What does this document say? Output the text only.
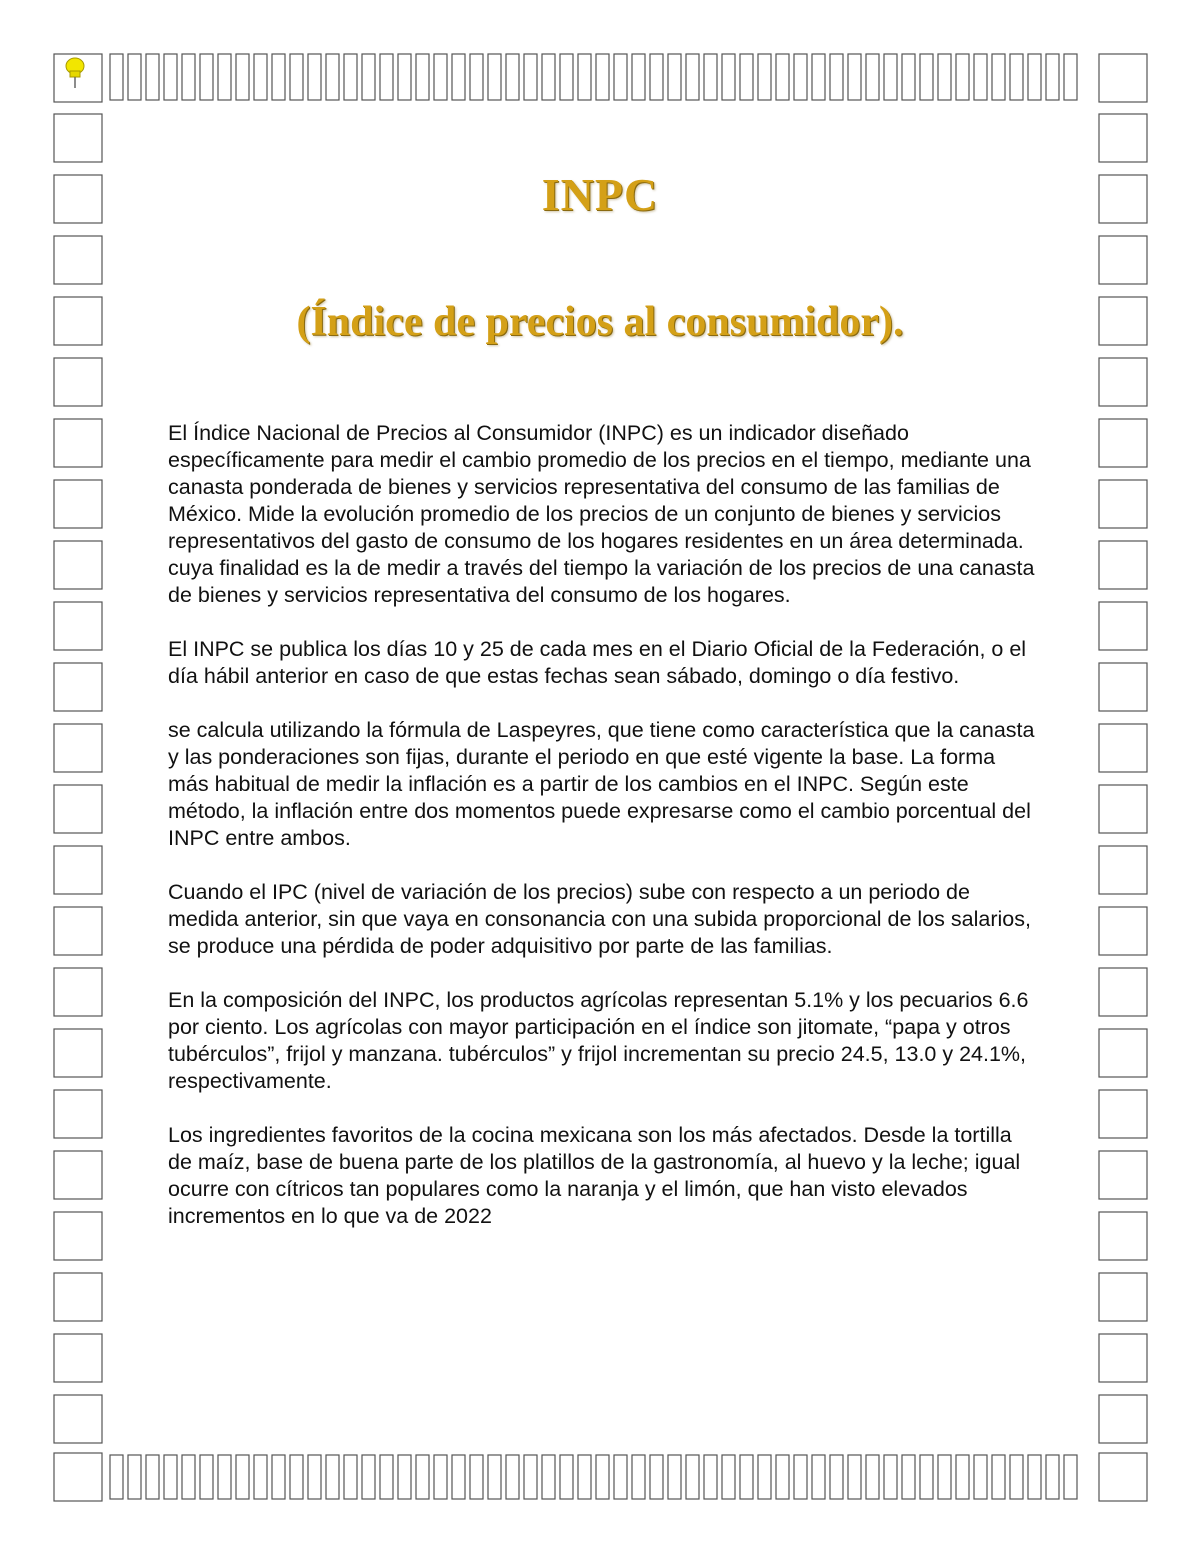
INPC
(Índice de precios al consumidor).

El Índice Nacional de Precios al Consumidor (INPC) es un indicador diseñado específicamente para medir el cambio promedio de los precios en el tiempo, mediante una canasta ponderada de bienes y servicios representativa del consumo de las familias de México. Mide la evolución promedio de los precios de un conjunto de bienes y servicios representativos del gasto de consumo de los hogares residentes en un área determinada. cuya finalidad es la de medir a través del tiempo la variación de los precios de una canasta de bienes y servicios representativa del consumo de los hogares.

El INPC se publica los días 10 y 25 de cada mes en el Diario Oficial de la Federación, o el día hábil anterior en caso de que estas fechas sean sábado, domingo o día festivo.

se calcula utilizando la fórmula de Laspeyres, que tiene como característica que la canasta y las ponderaciones son fijas, durante el periodo en que esté vigente la base. La forma más habitual de medir la inflación es a partir de los cambios en el INPC. Según este método, la inflación entre dos momentos puede expresarse como el cambio porcentual del INPC entre ambos.

Cuando el IPC (nivel de variación de los precios) sube con respecto a un periodo de medida anterior, sin que vaya en consonancia con una subida proporcional de los salarios, se produce una pérdida de poder adquisitivo por parte de las familias.

En la composición del INPC, los productos agrícolas representan 5.1% y los pecuarios 6.6 por ciento. Los agrícolas con mayor participación en el índice son jitomate, “papa y otros tubérculos”, frijol y manzana. tubérculos” y frijol incrementan su precio 24.5, 13.0 y 24.1%, respectivamente.

Los ingredientes favoritos de la cocina mexicana son los más afectados. Desde la tortilla de maíz, base de buena parte de los platillos de la gastronomía, al huevo y la leche; igual ocurre con cítricos tan populares como la naranja y el limón, que han visto elevados incrementos en lo que va de 2022
